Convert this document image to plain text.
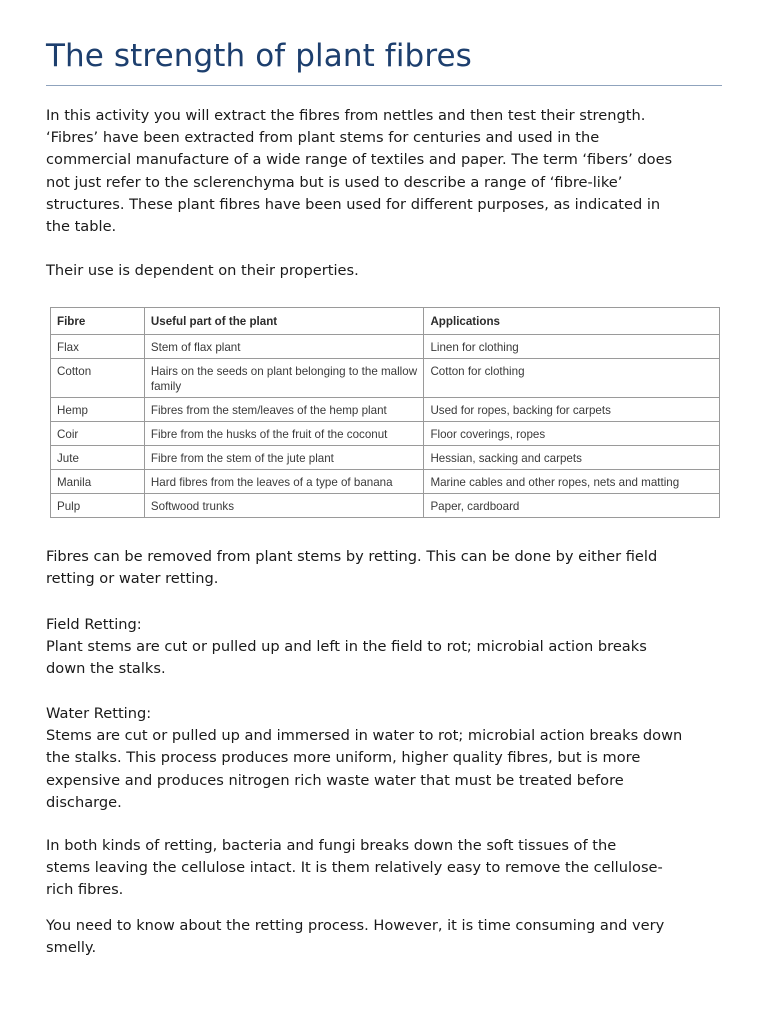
The strength of plant fibres

In this activity you will extract the fibres from nettles and then test their strength.
‘Fibres’ have been extracted from plant stems for centuries and used in the
commercial manufacture of a wide range of textiles and paper. The term ‘fibers’ does
not just refer to the sclerenchyma but is used to describe a range of ‘fibre-like’
structures. These plant fibres have been used for different purposes, as indicated in
the table.

Their use is dependent on their properties.

Fibre	Useful part of the plant	Applications
Flax	Stem of flax plant	Linen for clothing
Cotton	Hairs on the seeds on plant belonging to the mallow family	Cotton for clothing
Hemp	Fibres from the stem/leaves of the hemp plant	Used for ropes, backing for carpets
Coir	Fibre from the husks of the fruit of the coconut	Floor coverings, ropes
Jute	Fibre from the stem of the jute plant	Hessian, sacking and carpets
Manila	Hard fibres from the leaves of a type of banana	Marine cables and other ropes, nets and matting
Pulp	Softwood trunks	Paper, cardboard

Fibres can be removed from plant stems by retting. This can be done by either field
retting or water retting.

Field Retting:
Plant stems are cut or pulled up and left in the field to rot; microbial action breaks
down the stalks.

Water Retting:
Stems are cut or pulled up and immersed in water to rot; microbial action breaks down
the stalks. This process produces more uniform, higher quality fibres, but is more
expensive and produces nitrogen rich waste water that must be treated before
discharge.

In both kinds of retting, bacteria and fungi breaks down the soft tissues of the
stems leaving the cellulose intact. It is them relatively easy to remove the cellulose-
rich fibres.

You need to know about the retting process. However, it is time consuming and very
smelly.
